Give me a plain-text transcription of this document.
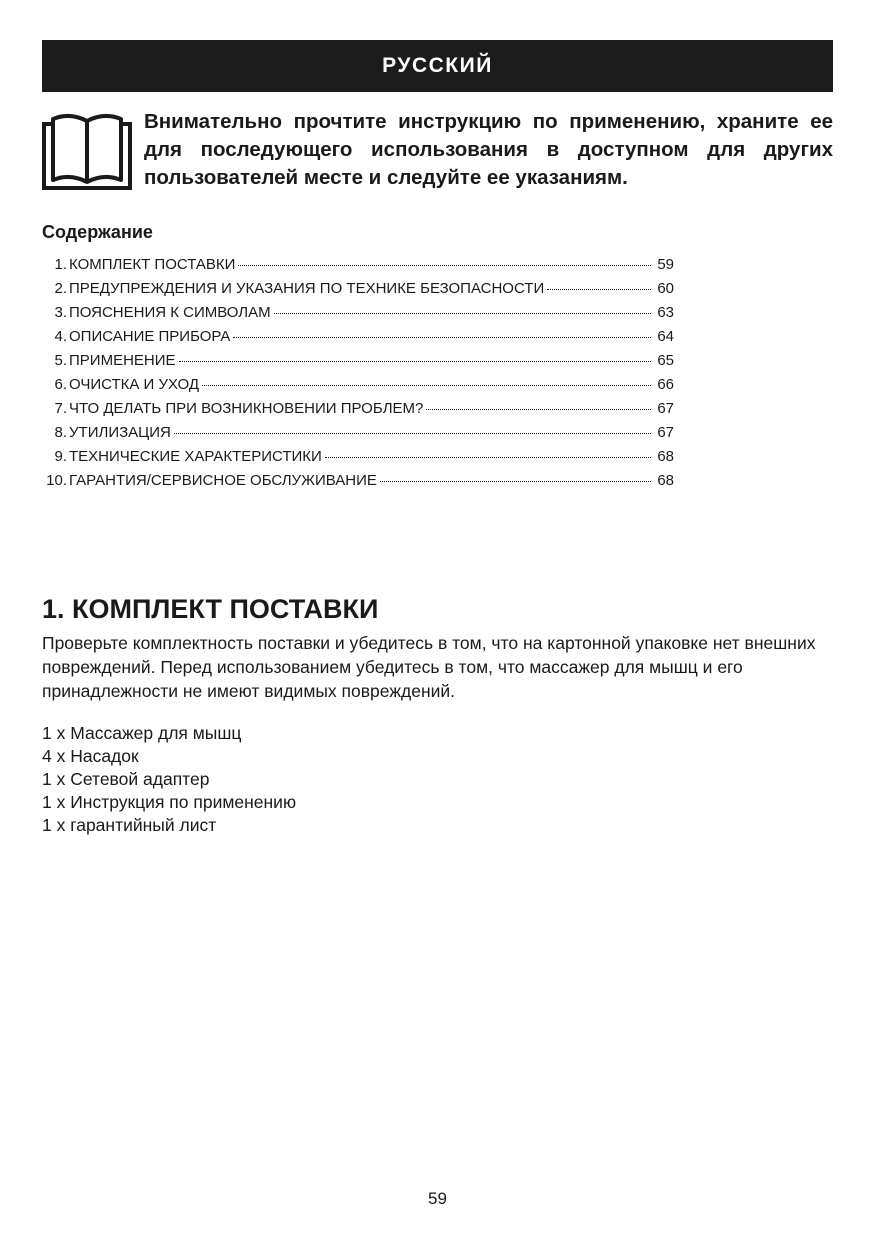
РУССКИЙ
Внимательно прочтите инструкцию по применению, храните ее для последующего использования в доступном для других пользователей месте и следуйте ее указаниям.
Содержание
1. КОМПЛЕКТ ПОСТАВКИ	59
2. ПРЕДУПРЕЖДЕНИЯ И УКАЗАНИЯ ПО ТЕХНИКЕ БЕЗОПАСНОСТИ	60
3. ПОЯСНЕНИЯ К СИМВОЛАМ	63
4. ОПИСАНИЕ ПРИБОРА	64
5. ПРИМЕНЕНИЕ	65
6. ОЧИСТКА И УХОД	66
7. ЧТО ДЕЛАТЬ ПРИ ВОЗНИКНОВЕНИИ ПРОБЛЕМ?	67
8. УТИЛИЗАЦИЯ	67
9. ТЕХНИЧЕСКИЕ ХАРАКТЕРИСТИКИ	68
10. ГАРАНТИЯ/СЕРВИСНОЕ ОБСЛУЖИВАНИЕ	68
1. КОМПЛЕКТ ПОСТАВКИ

Проверьте комплектность поставки и убедитесь в том, что на картонной упаковке нет внешних повреждений. Перед использованием убедитесь в том, что массажер для мышц и его принадлежности не имеют видимых повреждений.

1 x Массажер для мышц
4 x Насадок
1 x Сетевой адаптер
1 x Инструкция по применению
1 x гарантийный лист
59
